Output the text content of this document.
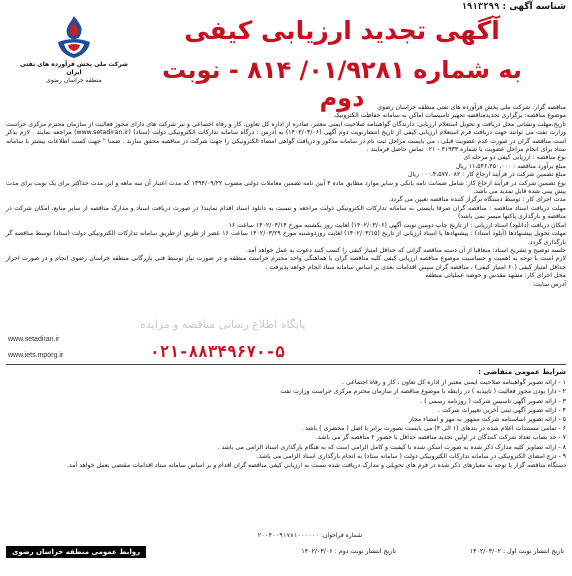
شناسه آگهی : ۱۹۱۳۲۹۹
شرکت ملی پخش فرآورده های نفتی ایران
منطقه خراسان رضوی
آگهی تجدید ارزیابی کیفی
به شماره ۰۱/۹۲۸۱/ ۸۱۴ - نوبت دوم	مناقصه گزار: شرکت ملی پخش فرآورده های نفتی منطقه خراسان رضوی

موضوع مناقصه: برگزاری تجدیدمناقصه تجهیز تاسیسات اماکن به سامانه حفاظت الکترونیک

تاریخ،مهلت ونشانی محل دریافت و تحویل استعلام ارزیابی: دارندگان گواهینامه صلاحیت ایمنی معتبر، صادره از اداره کل تعاون، کار و رفاه اجتماعی و نیز شرکت های دارای مجوز فعالیت از سازمان محترم مرکزی حراست وزارت نفت می توانند جهت دریافت فرم استعلام ارزیابی کیفی از تاریخ انتشارنوبت دوم آگهی (۱۴۰۲/۰۳/۰۶) به آدرس : درگاه سامانه تدارکات الکترونیکی دولت (ستاد) (www.setadiran.ir) مراجعه نمایند . لازم بذکر است مناقصه گران در صورت عدم عضویت قبلی ، می بایست مراحل ثبت نام در سامانه مذکور و دریافت گواهی امضاء الکترونیکی را جهت شرکت در مناقصه محقق سازند . ضمنا " جهت کسب اطلاعات بیشتر با سامانه ستاد برای انجام مراحل عضویت با شماره ۴۱۹۳۴ - ۰۲۱ تماس حاصل فرمایند .

نوع مناقصه : ارزیابی کیفی دو مرحله ای

مبلغ برآورد مناقصه : ۱۱،۵۴۶،۴۵۰،۰۰۰ ریال

مبلغ تضمین شرکت در فرآیند ارجاع کار : ۰۰۰،۴،۵۷۷،۰۸۲ ریال

نوع تضمین شرکت در فرآیند ارجاع کار: شامل ضمانت نامه بانکی و سایر موارد مطابق ماده ۴ آیین نامه تضمین معاملات دولتی مصوب ۱۳۹۴/۰۹/۲۲ که مدت اعتبار آن سه ماهه و این مدت حداکثر برای یک نوبت برای مدت پیش بینی شده قابل تمدید می باشد.

مدت اجرای کار : توسط دستگاه برگزار کننده مناقصه تعیین می گردد.

مهلت دریافت اسناد مناقصه : مناقصه گران صرفا بایستی به سامانه تدارکات الکترونیکی دولت مراجعه و نسبت به دانلود اسناد اقدام نمایند( در صورت دریافت اسناد و مدارک مناقصه از سایر منابع، امکان شرکت در مناقصه و بارگذاری پاکتها میسر نمی باشد)

امکان دریافت (دانلود) اسناد ارزیابی : از تاریخ چاپ دومین نوبت آگهی (۱۴۰۲/۰۳/۰۶) لغایت روز یکشنبه مورخ ۱۴۰۲/۰۳/۱۴ ساعت ۱۶

مهلت تحویل پیشنهادها (آپلود اسناد) : پیشنهادها با اسناد ارزیابی از تاریخ (۱۴۰۲/۰۳/۱۵) لغایت روزدوشنبه مورخ ۱۴۰۲/۰۳/۲۹ ساعت ۱۶ عصر از طریق از طریق سامانه تدارکات الکترونیکی دولت (ستاد) توسط مناقصه گر بارگذاری گردد.

جلسه توضیح و تشریح اسناد: متعاقبا از آن دسته مناقصه گرانی که حداقل امتیاز کیفی را کسب کنند دعوت به عمل خواهد آمد.

لازم است با توجه به اهمیت و حساسیت موضوع مناقصه ارزیابی کیفی کلیه مناقصه گران با هماهنگی واحد محترم حراست منطقه و در صورت نیاز توسط فنی بازرگانی منطقه خراسان رضوی انجام و در صورت احراز حداقل امتیاز کیفی (۶۰ امتیاز کیفی) ، مناقصه گران سپس اقدامات بعدی بر اساس سامانه ستاد انجام خواهد پذیرفت .

محل اجرای کار: مشهد مقدس و حوضه عملیاتی منطقه

آدرس سایت:

پایگاه اطلاع رسانی مناقصه و مزایده
www.setadiran.ir
۰۲۱-۸۸۳۴۹۶۷۰-۵
www.iets.mporg.ir
شرایط عمومی متقاضی :

۱ - ارائه تصویر گواهینامه صلاحیت ایمنی معتبر از اداره کل تعاون ، کار و رفاه اجتماعی .

۲ - دارا بودن مجوز فعالیت ( تاییدیه ) در رابطه با موضوع مناقصه از سازمان محترم مرکزی حراست وزارت نفت

۳ - ارائه تصویر آگهی تاسیس شرکت ( روزنامه رسمی ) .

۴ - ارائه تصویر آگهی ثبتی آخرین تغییرات شرکت .

۵ - ارائه تصویر اساسنامه شرکت ممهور به مهر و امضاء مجاز

۶ - تمامی مستندات اعلام شده در بندهای (۱ الی ۴) می بایست بصورت برابر با اصل ( محضری ) باشد .

۷ - حد نصاب تعداد شرکت کنندگان در اولین تجدید مناقصه حداقل با حضور ۲ مناقصه گر می باشد.

۸ - ارائه تصاویر کلیه مدارک ذکر شده به صورت اسکن شده با کیفیت و کامل الزامی است که به هنگام بارگذاری اسناد الزامی می باشد .

۹ - درج امضای الکترونیکی در سامانه تدارکات الکترونیکی دولت ( سامانه ستاد) به انجام بارگذاری اسناد الزامی می باشد.

دستگاه مناقصه گزار با توجه به معیارهای ذکر شده در فرم های تحویلی و مدارک دریافت شده نسبت به ارزیابی کیفی مناقصه گران اقدام و بر اساس سامانه ستاد اقدامات مقتضی بعمل خواهد آمد.

شماره فراخوان: ۲۰۰۴۰۰۹۱۷۸۱۰۰۰۰۰۰
تاریخ انتشار نوبت اول : ۱۴۰۲/۰۳/۰۲
تاریخ انتشار نوبت دوم : ۱۴۰۲/۰۳/۰۶
روابط عمومی منطقه خراسان رضوی
